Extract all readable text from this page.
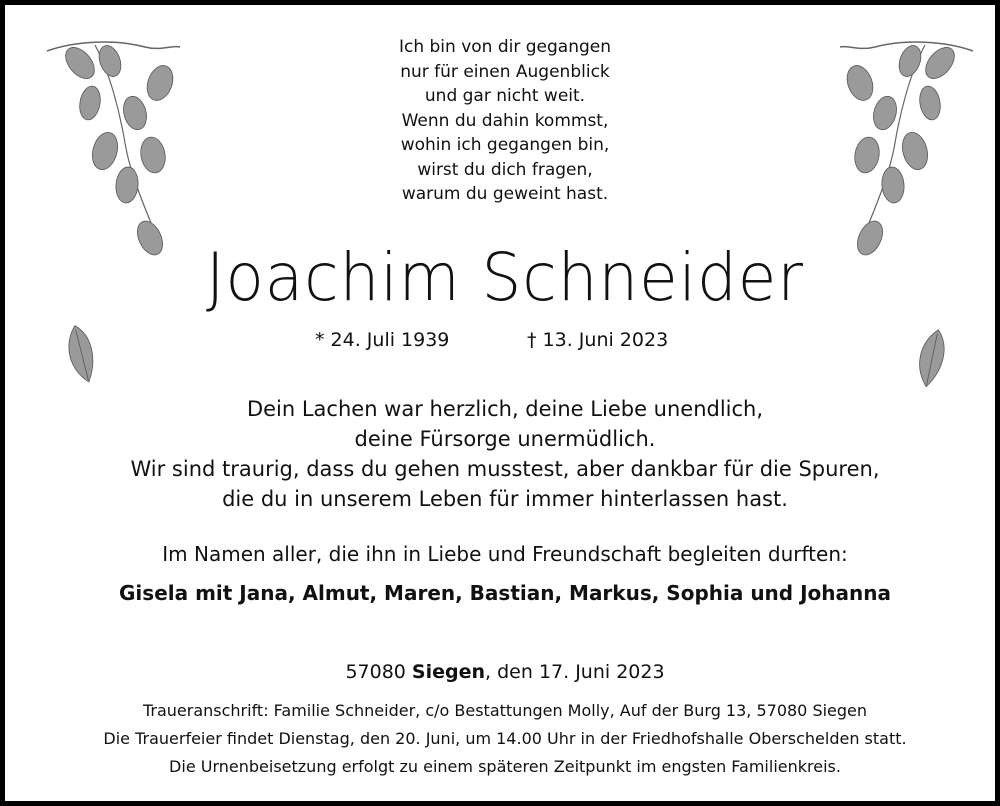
Ich bin von dir gegangen
nur für einen Augenblick
und gar nicht weit.
Wenn du dahin kommst,
wohin ich gegangen bin,
wirst du dich fragen,
warum du geweint hast.
Joachim Schneider
* 24. Juli 1939	† 13. Juni 2023
Dein Lachen war herzlich, deine Liebe unendlich,
deine Fürsorge unermüdlich.
Wir sind traurig, dass du gehen musstest, aber dankbar für die Spuren,
die du in unserem Leben für immer hinterlassen hast.
Im Namen aller, die ihn in Liebe und Freundschaft begleiten durften:
Gisela mit Jana, Almut, Maren, Bastian, Markus, Sophia und Johanna
57080 Siegen, den 17. Juni 2023
Traueranschrift: Familie Schneider, c/o Bestattungen Molly, Auf der Burg 13, 57080 Siegen
Die Trauerfeier findet Dienstag, den 20. Juni, um 14.00 Uhr in der Friedhofshalle Oberschelden statt.
Die Urnenbeisetzung erfolgt zu einem späteren Zeitpunkt im engsten Familienkreis.
